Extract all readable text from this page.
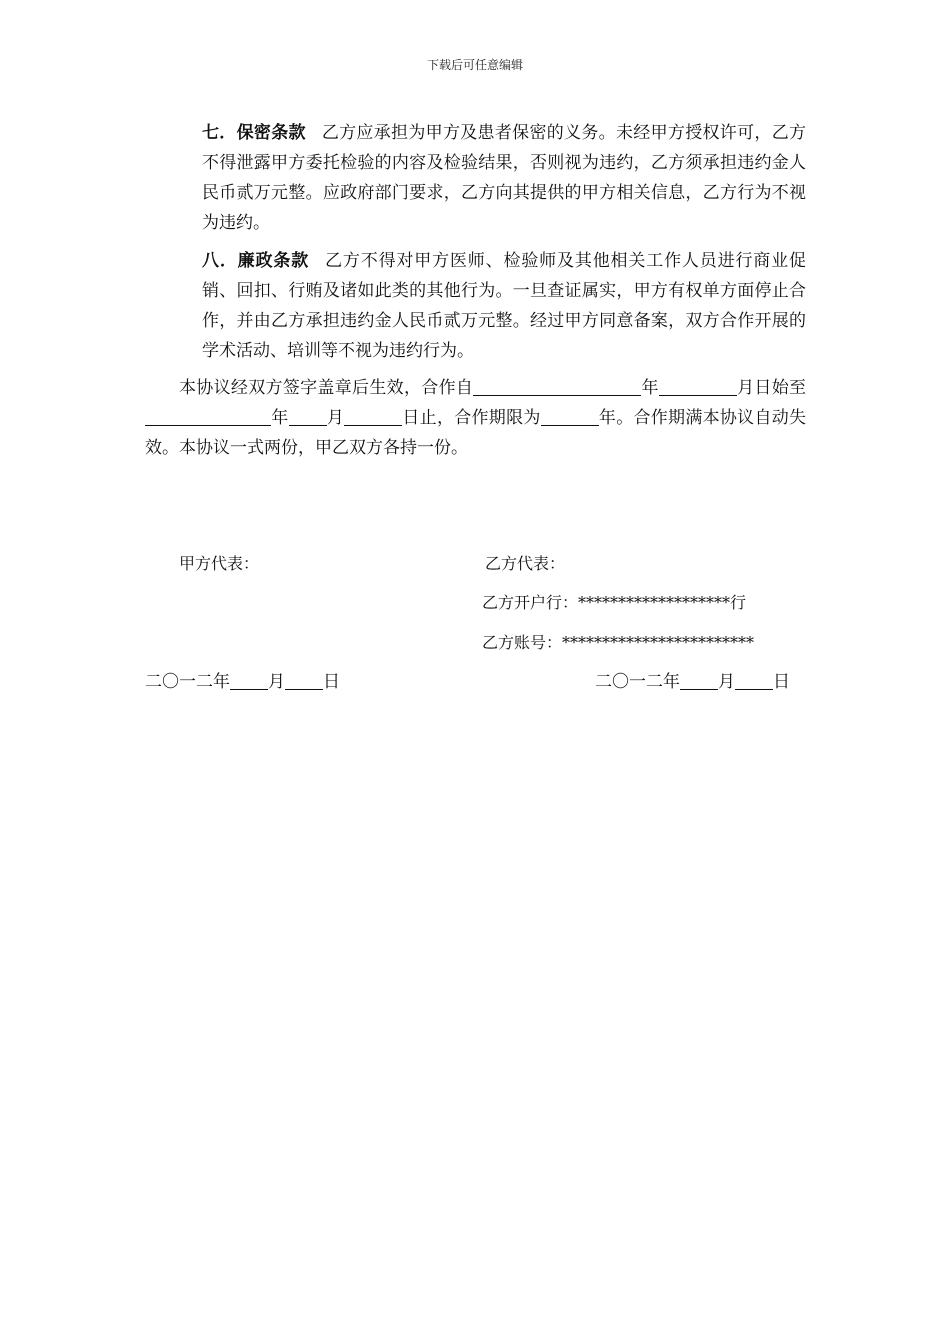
下载后可任意编辑
七．保密条款 乙方应承担为甲方及患者保密的义务。未经甲方授权许可，乙方不得泄露甲方委托检验的内容及检验结果，否则视为违约，乙方须承担违约金人民币贰万元整。应政府部门要求，乙方向其提供的甲方相关信息，乙方行为不视为违约。
八．廉政条款 乙方不得对甲方医师、检验师及其他相关工作人员进行商业促销、回扣、行贿及诸如此类的其他行为。一旦查证属实，甲方有权单方面停止合作，并由乙方承担违约金人民币贰万元整。经过甲方同意备案，双方合作开展的学术活动、培训等不视为违约行为。
本协议经双方签字盖章后生效，合作自	年	月日始至年 月	日止，合作期限为	年。合作期满本协议自动失效。本协议一式两份，甲乙双方各持一份。
甲方代表：	乙方代表：
乙方开户行：*******************行
乙方账号：************************
二〇一二年 月 日	二〇一二年 月 日
